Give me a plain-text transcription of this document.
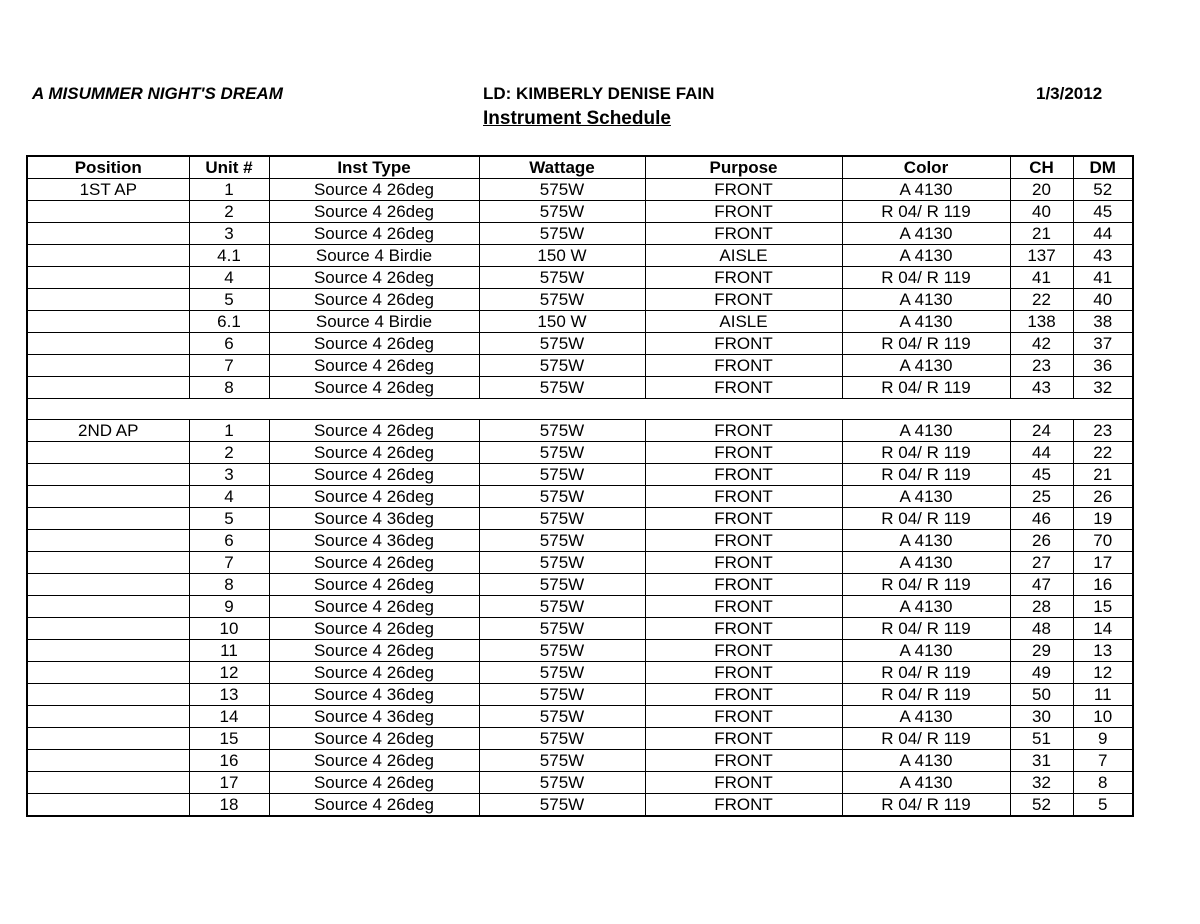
A MISUMMER NIGHT'S DREAM	LD: KIMBERLY DENISE FAIN	1/3/2012
Instrument Schedule
Position	Unit #	Inst Type	Wattage	Purpose	Color	CH	DM
1ST AP	1	Source 4 26deg	575W	FRONT	A 4130	20	52
	2	Source 4 26deg	575W	FRONT	R 04/ R 119	40	45
	3	Source 4 26deg	575W	FRONT	A 4130	21	44
	4.1	Source 4 Birdie	150 W	AISLE	A 4130	137	43
	4	Source 4 26deg	575W	FRONT	R 04/ R 119	41	41
	5	Source 4 26deg	575W	FRONT	A 4130	22	40
	6.1	Source 4 Birdie	150 W	AISLE	A 4130	138	38
	6	Source 4 26deg	575W	FRONT	R 04/ R 119	42	37
	7	Source 4 26deg	575W	FRONT	A 4130	23	36
	8	Source 4 26deg	575W	FRONT	R 04/ R 119	43	32

2ND AP	1	Source 4 26deg	575W	FRONT	A 4130	24	23
	2	Source 4 26deg	575W	FRONT	R 04/ R 119	44	22
	3	Source 4 26deg	575W	FRONT	R 04/ R 119	45	21
	4	Source 4 26deg	575W	FRONT	A 4130	25	26
	5	Source 4 36deg	575W	FRONT	R 04/ R 119	46	19
	6	Source 4 36deg	575W	FRONT	A 4130	26	70
	7	Source 4 26deg	575W	FRONT	A 4130	27	17
	8	Source 4 26deg	575W	FRONT	R 04/ R 119	47	16
	9	Source 4 26deg	575W	FRONT	A 4130	28	15
	10	Source 4 26deg	575W	FRONT	R 04/ R 119	48	14
	11	Source 4 26deg	575W	FRONT	A 4130	29	13
	12	Source 4 26deg	575W	FRONT	R 04/ R 119	49	12
	13	Source 4 36deg	575W	FRONT	R 04/ R 119	50	11
	14	Source 4 36deg	575W	FRONT	A 4130	30	10
	15	Source 4 26deg	575W	FRONT	R 04/ R 119	51	9
	16	Source 4 26deg	575W	FRONT	A 4130	31	7
	17	Source 4 26deg	575W	FRONT	A 4130	32	8
	18	Source 4 26deg	575W	FRONT	R 04/ R 119	52	5
